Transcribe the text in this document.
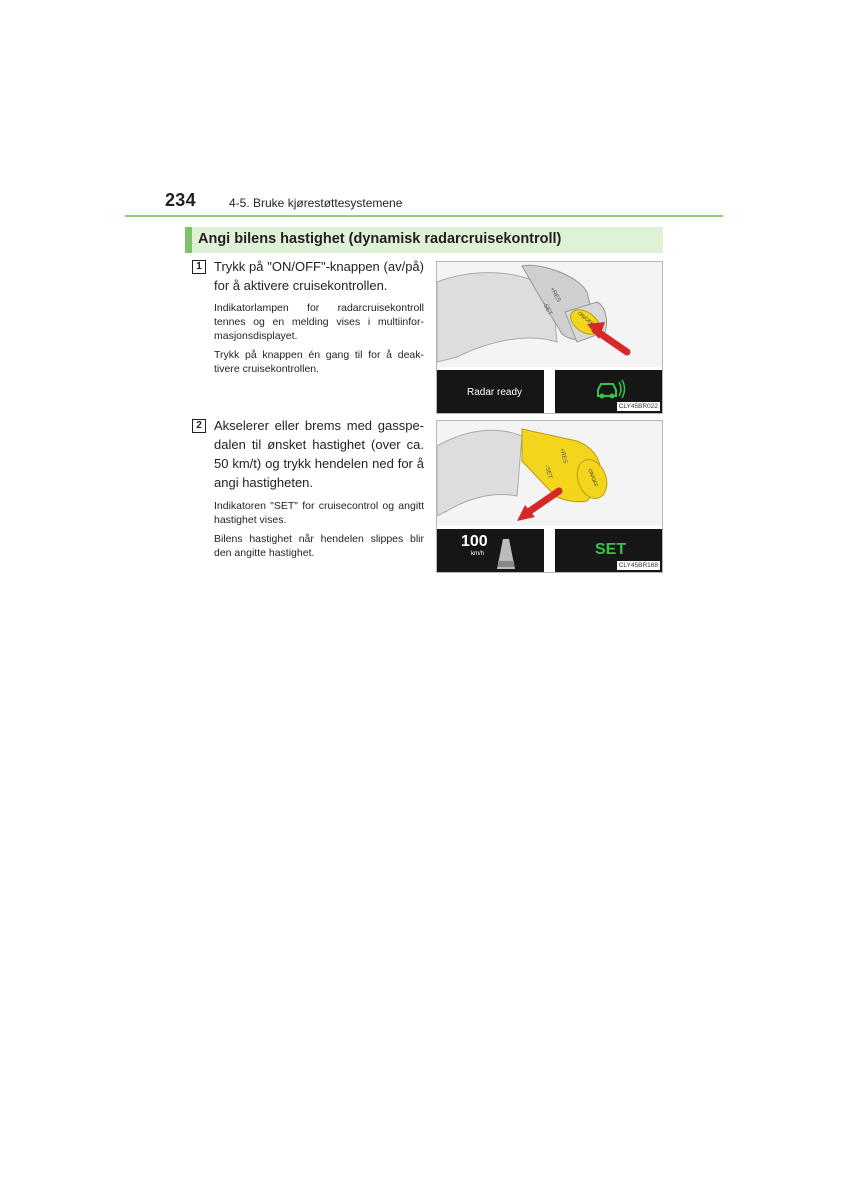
234	4-5. Bruke kjørestøttesystemene
Angi bilens hastighet (dynamisk radarcruisekontroll)
1 Trykk på "ON/OFF"-knappen (av/på) for å aktivere cruisekontrollen.
Indikatorlampen for radarcruisekontroll tennes og en melding vises i multiinfor-masjonsdisplayet.
Trykk på knappen én gang til for å deak-tivere cruisekontrollen.
+RES
-SET
ON/OFF
Radar ready
CLY45BR022
2 Akselerer eller brems med gasspe-dalen til ønsket hastighet (over ca. 50 km/t) og trykk hendelen ned for å angi hastigheten.
Indikatoren "SET" for cruisecontrol og angitt hastighet vises.
Bilens hastighet når hendelen slippes blir den angitte hastighet.
+RES
-SET	ON/OFF
100
km/h	SET
CLY45BR168
